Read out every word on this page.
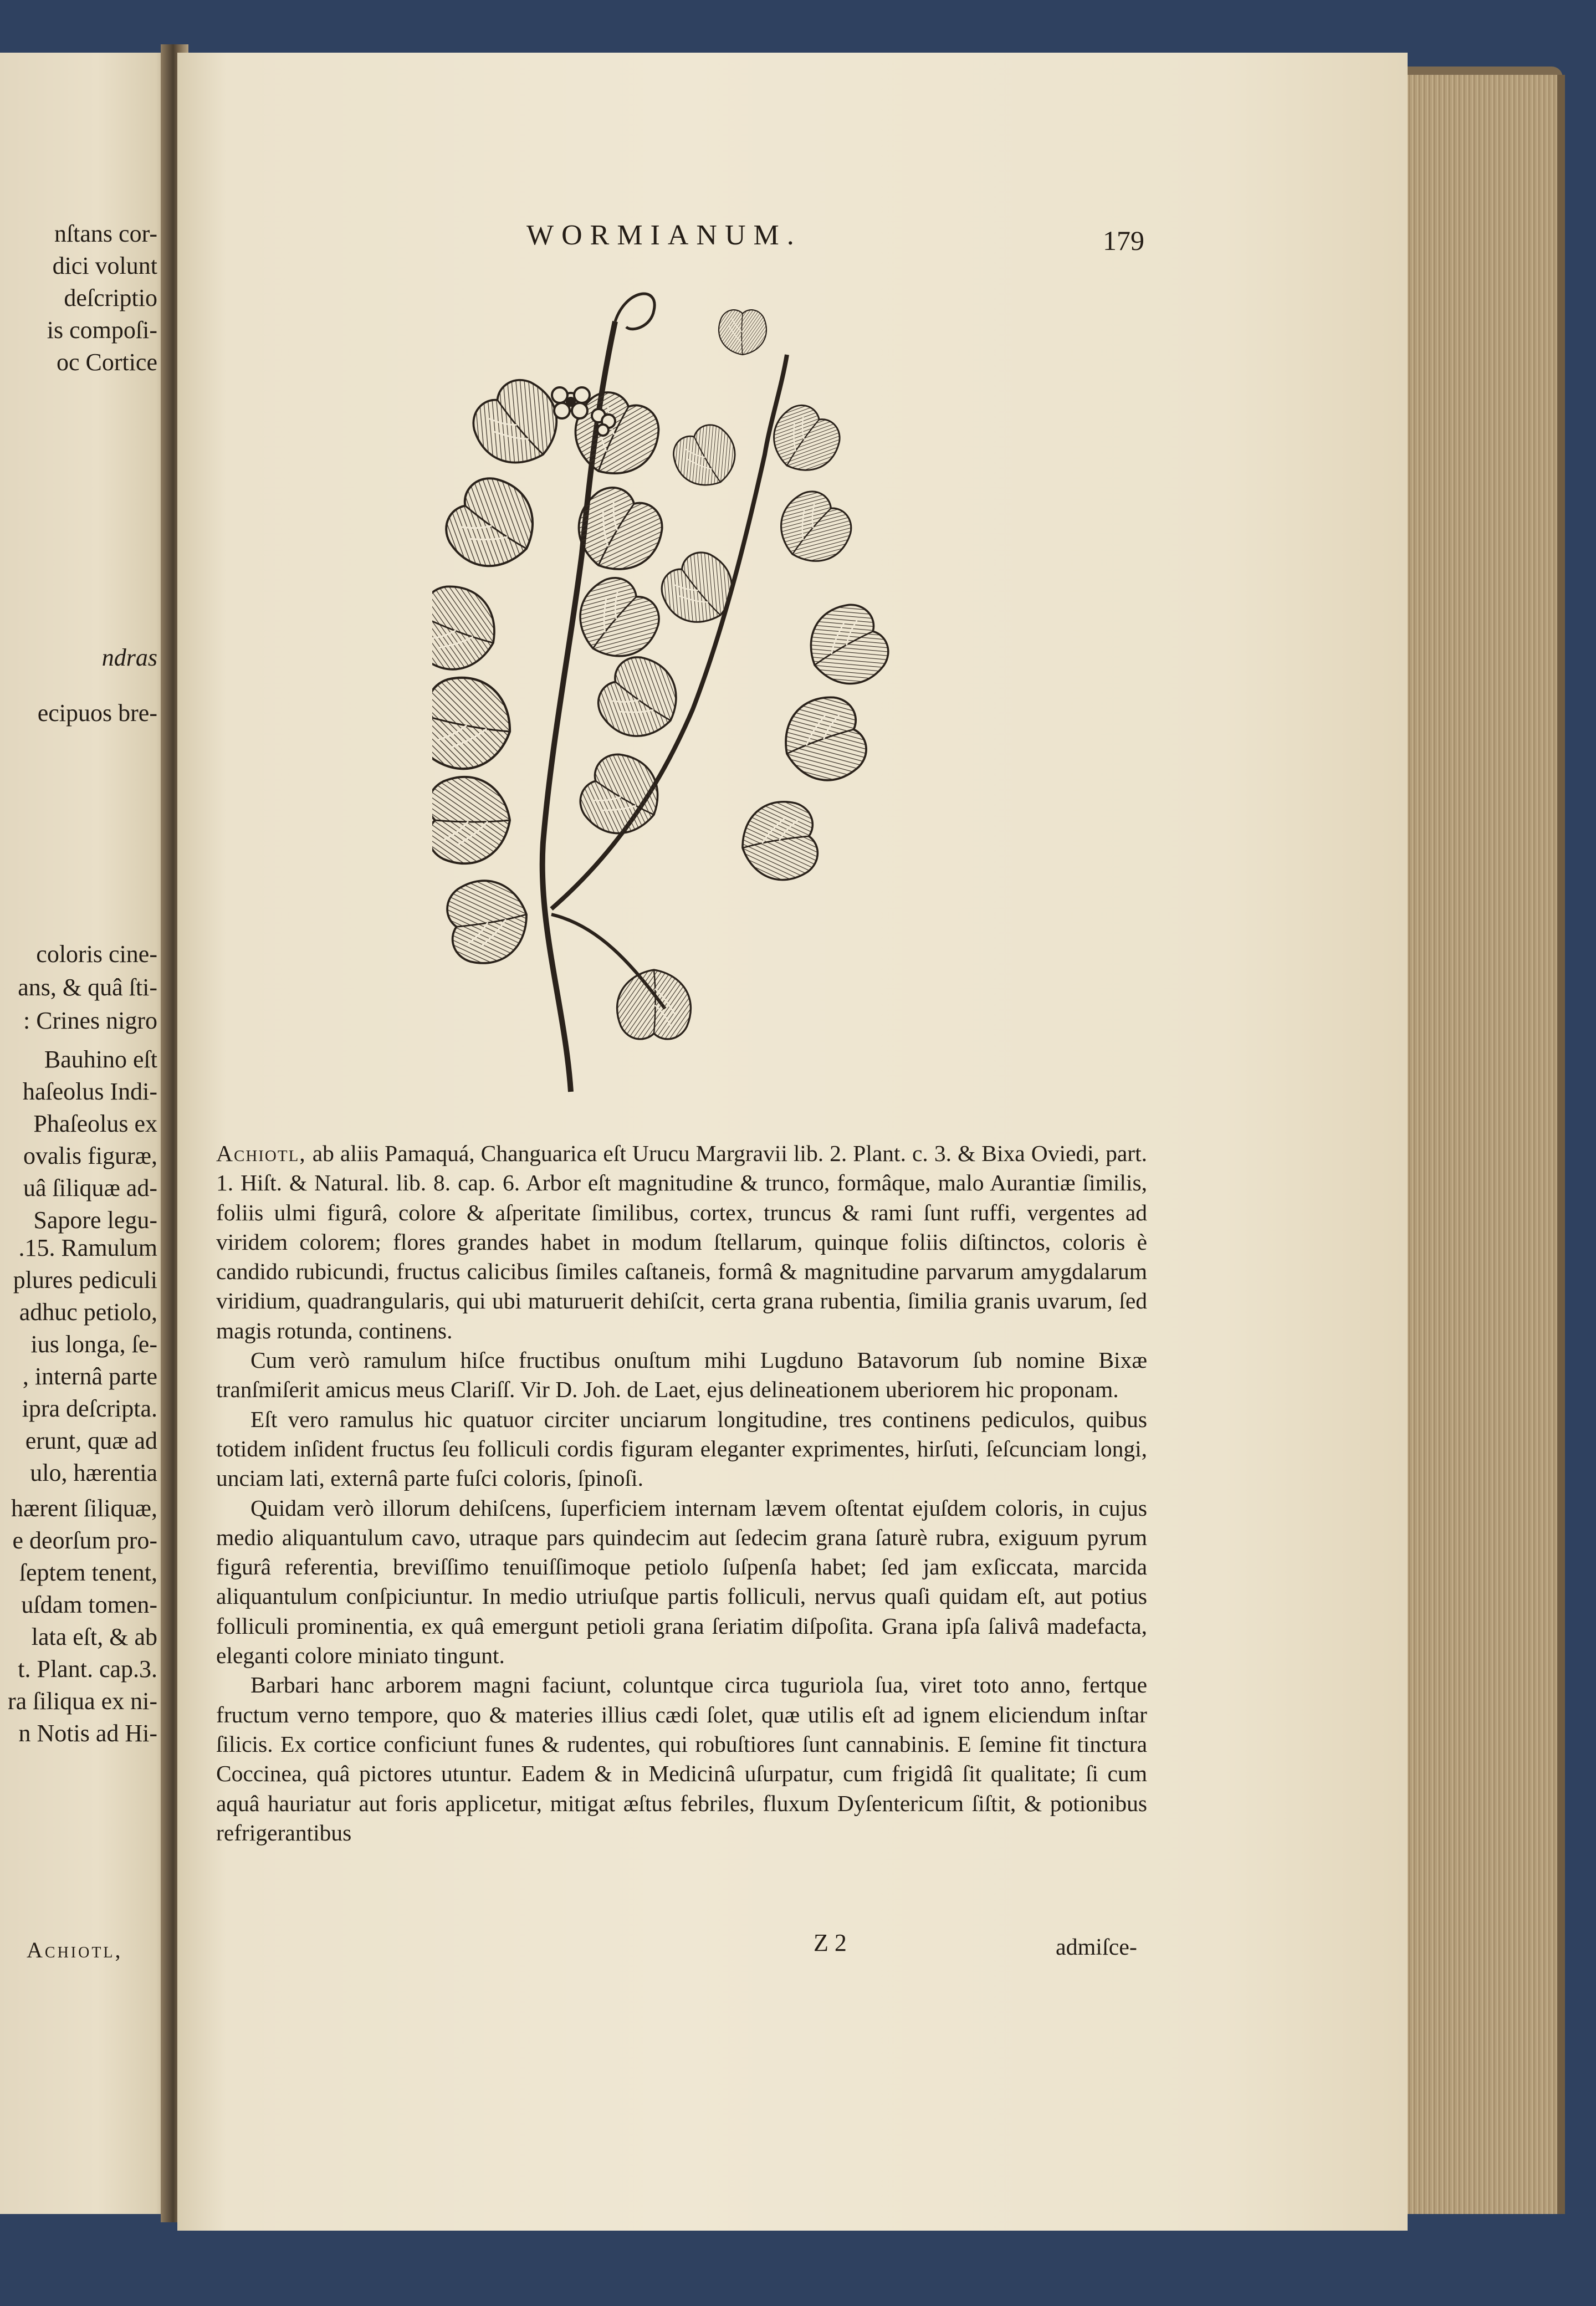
nſtans cor-
dici volunt
deſcriptio
is compoſi-
oc Cortice
ecipuos bre-
coloris cine-
ans, & quâ ſti-
: Crines nigro
Bauhino eſt
haſeolus Indi-
Phaſeolus ex
ovalis figuræ,
uâ ſiliquæ ad-
Sapore legu-
.15. Ramulum
plures pediculi
adhuc petiolo,
ius longa, ſe-
, internâ parte
ipra deſcripta.
erunt, quæ ad
ulo, hærentia
hærent ſiliquæ,
e deorſum pro-
ſeptem tenent,
uſdam tomen-
lata eſt, & ab
t. Plant. cap.3.
ra ſiliqua ex ni-
n Notis ad Hi-
ndras
Achiotl,
WORMIANUM.	179

Achiotl, ab aliis Pamaquá, Changuarica eſt Urucu Margravii lib. 2. Plant. c. 3. & Bixa Oviedi, part. 1. Hiſt. & Natural. lib. 8. cap. 6. Arbor eſt magnitudine & trunco, formâque, malo Aurantiæ ſimilis, foliis ulmi figurâ, colore & aſperitate ſimilibus, cortex, truncus & rami ſunt ruffi, vergentes ad viridem colorem; flores grandes habet in modum ſtellarum, quinque foliis diſtinctos, coloris è candido rubicundi, fructus calicibus ſimiles caſtaneis, formâ & magnitudine parvarum amygdalarum viridium, quadrangularis, qui ubi maturuerit dehiſcit, certa grana rubentia, ſimilia granis uvarum, ſed magis rotunda, continens.

Cum verò ramulum hiſce fructibus onuſtum mihi Lugduno Batavorum ſub nomine Bixæ tranſmiſerit amicus meus Clariſſ. Vir D. Joh. de Laet, ejus delineationem uberiorem hic proponam.

Eſt vero ramulus hic quatuor circiter unciarum longitudine, tres continens pediculos, quibus totidem inſident fructus ſeu folliculi cordis figuram eleganter exprimentes, hirſuti, ſeſcunciam longi, unciam lati, externâ parte fuſci coloris, ſpinoſi.

Quidam verò illorum dehiſcens, ſuperficiem internam lævem oſtentat ejuſdem coloris, in cujus medio aliquantulum cavo, utraque pars quindecim aut ſedecim grana ſaturè rubra, exiguum pyrum figurâ referentia, breviſſimo tenuiſſimoque petiolo ſuſpenſa habet; ſed jam exſiccata, marcida aliquantulum conſpiciuntur. In medio utriuſque partis folliculi, nervus quaſi quidam eſt, aut potius folliculi prominentia, ex quâ emergunt petioli grana ſeriatim diſpoſita. Grana ipſa ſalivâ madefacta, eleganti colore miniato tingunt.

Barbari hanc arborem magni faciunt, coluntque circa tuguriola ſua, viret toto anno, fertque fructum verno tempore, quo & materies illius cædi ſolet, quæ utilis eſt ad ignem eliciendum inſtar ſilicis. Ex cortice conficiunt funes & rudentes, qui robuſtiores ſunt cannabinis. E ſemine fit tinctura Coccinea, quâ pictores utuntur. Eadem & in Medicinâ uſurpatur, cum frigidâ ſit qualitate; ſi cum aquâ hauriatur aut foris applicetur, mitigat æſtus febriles, fluxum Dyſentericum ſiſtit, & potionibus refrigerantibus

Z 2	admiſce-
